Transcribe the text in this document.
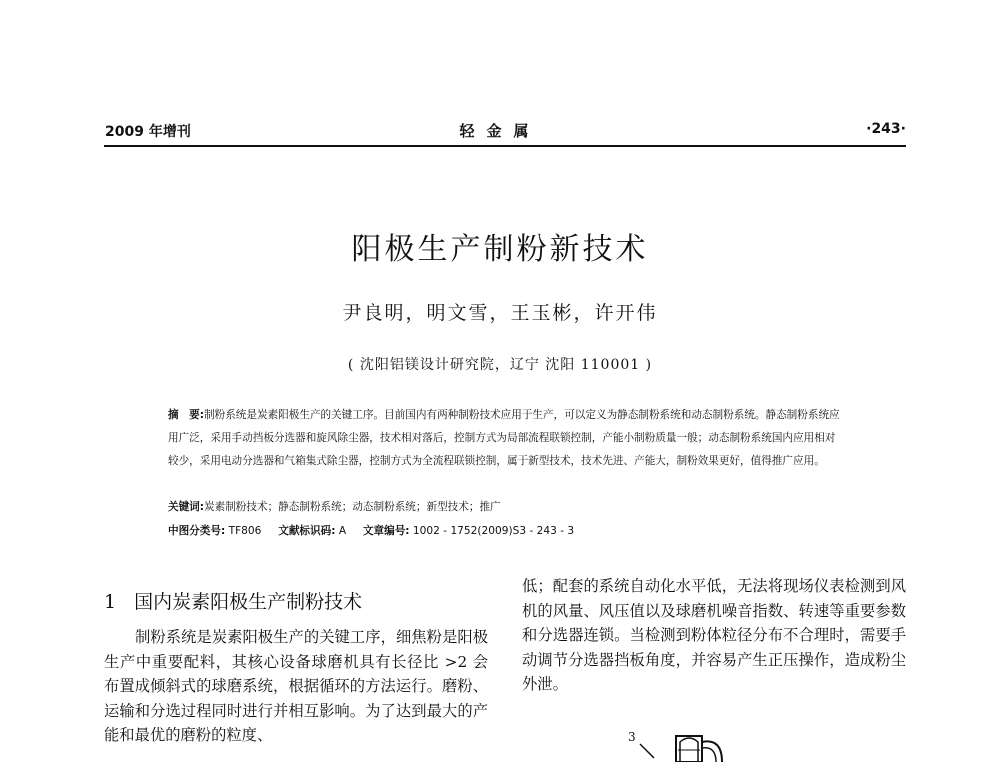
2009 年增刊	轻金属	·243·
阳极生产制粉新技术
尹良明，明文雪，王玉彬，许开伟
( 沈阳铝镁设计研究院，辽宁 沈阳 110001 )
摘　要:制粉系统是炭素阳极生产的关键工序。目前国内有两种制粉技术应用于生产，可以定义为静态制粉系统和动态制粉系统。静态制粉系统应用广泛，采用手动挡板分选器和旋风除尘器，技术相对落后，控制方式为局部流程联锁控制，产能小制粉质量一般；动态制粉系统国内应用相对较少，采用电动分选器和气箱集式除尘器，控制方式为全流程联锁控制，属于新型技术，技术先进、产能大，制粉效果更好，值得推广应用。
关键词:炭素制粉技术；静态制粉系统；动态制粉系统；新型技术；推广
中图分类号: TF806 文献标识码: A 文章编号: 1002 - 1752(2009)S3 - 243 - 3
1 国内炭素阳极生产制粉技术
制粉系统是炭素阳极生产的关键工序，细焦粉是阳极生产中重要配料，其核心设备球磨机具有长径比 >2 会布置成倾斜式的球磨系统，根据循环的方法运行。磨粉、运输和分选过程同时进行并相互影响。为了达到最大的产能和最优的磨粉的粒度、
低；配套的系统自动化水平低，无法将现场仪表检测到风机的风量、风压值以及球磨机噪音指数、转速等重要参数和分选器连锁。当检测到粉体粒径分布不合理时，需要手动调节分选器挡板角度，并容易产生正压操作，造成粉尘外泄。
3
